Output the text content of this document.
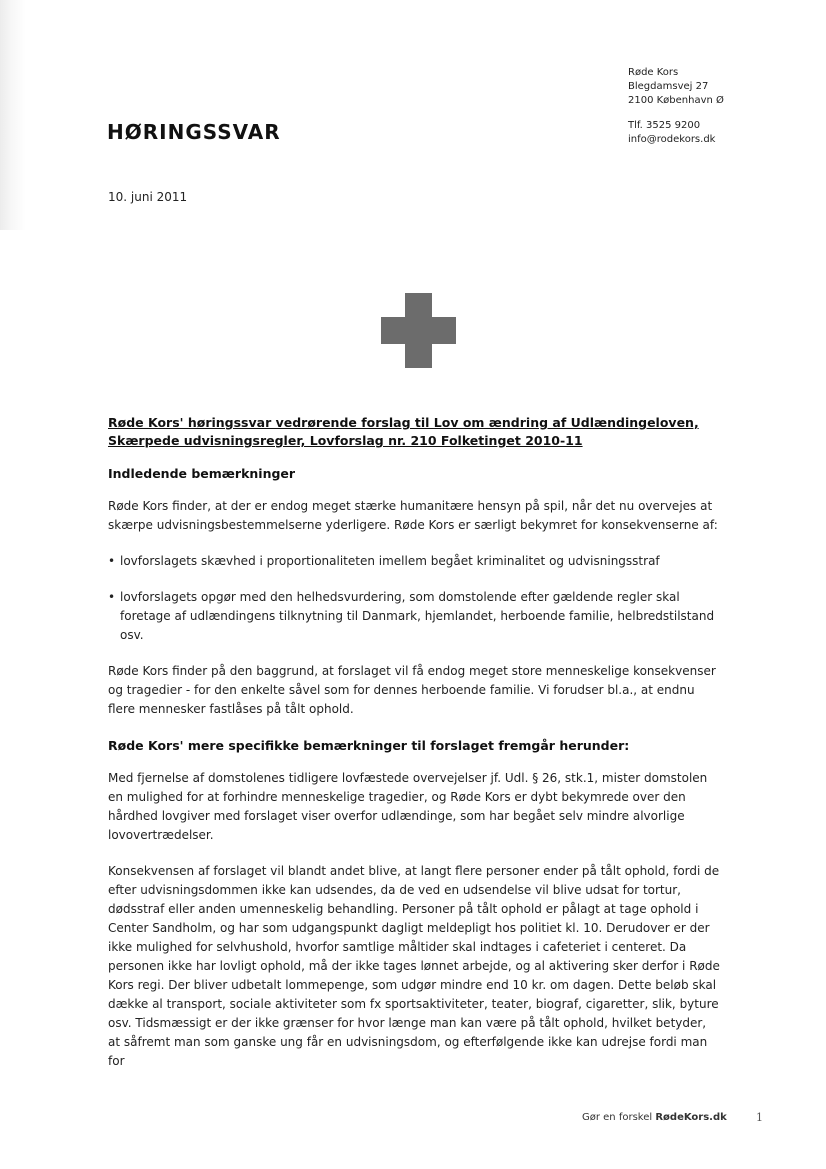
Røde Kors
Blegdamsvej 27
2100 København Ø
Tlf. 3525 9200
info@rodekors.dk
HØRINGSSVAR
10. juni 2011

Røde Kors' høringssvar vedrørende forslag til Lov om ændring af Udlændingeloven, Skærpede udvisningsregler, Lovforslag nr. 210 Folketinget 2010-11

Indledende bemærkninger

Røde Kors finder, at der er endog meget stærke humanitære hensyn på spil, når det nu overvejes at skærpe udvisningsbestemmelserne yderligere. Røde Kors er særligt bekymret for konsekvenserne af:

• lovforslagets skævhed i proportionaliteten imellem begået kriminalitet og udvisningsstraf
• lovforslagets opgør med den helhedsvurdering, som domstolende efter gældende regler skal foretage af udlændingens tilknytning til Danmark, hjemlandet, herboende familie, helbredstilstand osv.

Røde Kors finder på den baggrund, at forslaget vil få endog meget store menneskelige konsekvenser og tragedier - for den enkelte såvel som for dennes herboende familie. Vi forudser bl.a., at endnu flere mennesker fastlåses på tålt ophold.

Røde Kors' mere specifikke bemærkninger til forslaget fremgår herunder:

Med fjernelse af domstolenes tidligere lovfæstede overvejelser jf. Udl. § 26, stk.1, mister domstolen en mulighed for at forhindre menneskelige tragedier, og Røde Kors er dybt bekymrede over den hårdhed lovgiver med forslaget viser overfor udlændinge, som har begået selv mindre alvorlige lovovertrædelser.

Konsekvensen af forslaget vil blandt andet blive, at langt flere personer ender på tålt ophold, fordi de efter udvisningsdommen ikke kan udsendes, da de ved en udsendelse vil blive udsat for tortur, dødsstraf eller anden umenneskelig behandling. Personer på tålt ophold er pålagt at tage ophold i Center Sandholm, og har som udgangspunkt dagligt meldepligt hos politiet kl. 10. Derudover er der ikke mulighed for selvhushold, hvorfor samtlige måltider skal indtages i cafeteriet i centeret. Da personen ikke har lovligt ophold, må der ikke tages lønnet arbejde, og al aktivering sker derfor i Røde Kors regi. Der bliver udbetalt lommepenge, som udgør mindre end 10 kr. om dagen. Dette beløb skal dække al transport, sociale aktiviteter som fx sportsaktiviteter, teater, biograf, cigaretter, slik, byture osv. Tidsmæssigt er der ikke grænser for hvor længe man kan være på tålt ophold, hvilket betyder, at såfremt man som ganske ung får en udvisningsdom, og efterfølgende ikke kan udrejse fordi man for

Gør en forskel RødeKors.dk	1
